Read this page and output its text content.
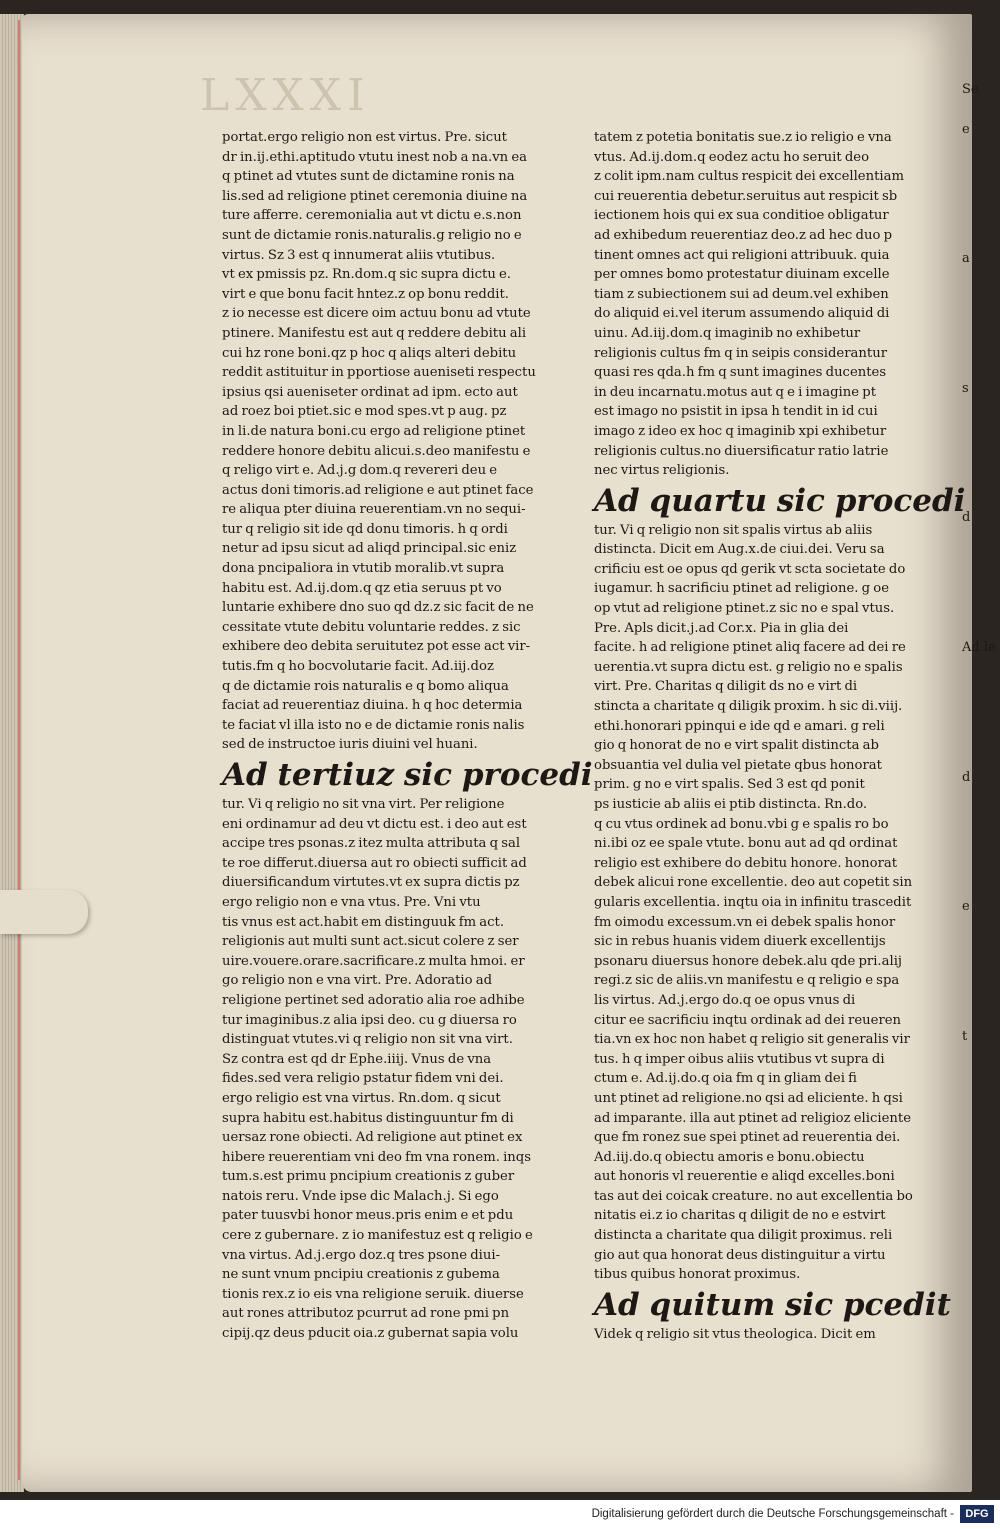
LXXXI

portat.ergo religio non est virtus. Pre. sicut

dr in.ij.ethi.aptitudo vtutu inest nob a na.vn ea

q ptinet ad vtutes sunt de dictamine ronis na

lis.sed ad religione ptinet ceremonia diuine na

ture afferre. ceremonialia aut vt dictu e.s.non

sunt de dictamie ronis.naturalis.g religio no e

virtus. Sz 3 est q innumerat aliis vtutibus.

vt ex pmissis pz. Rn.dom.q sic supra dictu e.

virt e que bonu facit hntez.z op bonu reddit.

z io necesse est dicere oim actuu bonu ad vtute

ptinere. Manifestu est aut q reddere debitu ali

cui hz rone boni.qz p hoc q aliqs alteri debitu

reddit astituitur in pportiose aueniseti respectu

ipsius qsi aueniseter ordinat ad ipm. ecto aut

ad roez boi ptiet.sic e mod spes.vt p aug. pz

in li.de natura boni.cu ergo ad religione ptinet

reddere honore debitu alicui.s.deo manifestu e

q religo virt e. Ad.j.g dom.q revereri deu e

actus doni timoris.ad religione e aut ptinet face

re aliqua pter diuina reuerentiam.vn no sequi-

tur q religio sit ide qd donu timoris. h q ordi

netur ad ipsu sicut ad aliqd principal.sic eniz

dona pncipaliora in vtutib moralib.vt supra

habitu est. Ad.ij.dom.q qz etia seruus pt vo

luntarie exhibere dno suo qd dz.z sic facit de ne

cessitate vtute debitu voluntarie reddes. z sic

exhibere deo debita seruitutez pot esse act vir-

tutis.fm q ho bocvolutarie facit. Ad.iij.doz

q de dictamie rois naturalis e q bomo aliqua

faciat ad reuerentiaz diuina. h q hoc determia

te faciat vl illa isto no e de dictamie ronis nalis

sed de instructoe iuris diuini vel huani.

Ad tertiuz sic procedi

tur. Vi q religio no sit vna virt. Per religione

eni ordinamur ad deu vt dictu est. i deo aut est

accipe tres psonas.z itez multa attributa q sal

te roe differut.diuersa aut ro obiecti sufficit ad

diuersificandum virtutes.vt ex supra dictis pz

ergo religio non e vna vtus. Pre. Vni vtu

tis vnus est act.habit em distinguuk fm act.

religionis aut multi sunt act.sicut colere z ser

uire.vouere.orare.sacrificare.z multa hmoi. er

go religio non e vna virt. Pre. Adoratio ad

religione pertinet sed adoratio alia roe adhibe

tur imaginibus.z alia ipsi deo. cu g diuersa ro

distinguat vtutes.vi q religio non sit vna virt.

Sz contra est qd dr Ephe.iiij. Vnus de vna

fides.sed vera religio pstatur fidem vni dei.

ergo religio est vna virtus. Rn.dom. q sicut

supra habitu est.habitus distinguuntur fm di

uersaz rone obiecti. Ad religione aut ptinet ex

hibere reuerentiam vni deo fm vna ronem. inqs

tum.s.est primu pncipium creationis z guber

natois reru. Vnde ipse dic Malach.j. Si ego

pater tuusvbi honor meus.pris enim e et pdu

cere z gubernare. z io manifestuz est q religio e

vna virtus. Ad.j.ergo doz.q tres psone diui-

ne sunt vnum pncipiu creationis z gubema

tionis rex.z io eis vna religione seruik. diuerse

aut rones attributoz pcurrut ad rone pmi pn

cipij.qz deus pducit oia.z gubernat sapia volu

tatem z potetia bonitatis sue.z io religio e vna

vtus. Ad.ij.dom.q eodez actu ho seruit deo

z colit ipm.nam cultus respicit dei excellentiam

cui reuerentia debetur.seruitus aut respicit sb

iectionem hois qui ex sua conditioe obligatur

ad exhibedum reuerentiaz deo.z ad hec duo p

tinent omnes act qui religioni attribuuk. quia

per omnes bomo protestatur diuinam excelle

tiam z subiectionem sui ad deum.vel exhiben

do aliquid ei.vel iterum assumendo aliquid di

uinu. Ad.iij.dom.q imaginib no exhibetur

religionis cultus fm q in seipis considerantur

quasi res qda.h fm q sunt imagines ducentes

in deu incarnatu.motus aut q e i imagine pt

est imago no psistit in ipsa h tendit in id cui

imago z ideo ex hoc q imaginib xpi exhibetur

religionis cultus.no diuersificatur ratio latrie

nec virtus religionis.

Ad quartu sic procedi

tur. Vi q religio non sit spalis virtus ab aliis

distincta. Dicit em Aug.x.de ciui.dei. Veru sa

crificiu est oe opus qd gerik vt scta societate do

iugamur. h sacrificiu ptinet ad religione. g oe

op vtut ad religione ptinet.z sic no e spal vtus.

Pre. Apls dicit.j.ad Cor.x. Pia in glia dei

facite. h ad religione ptinet aliq facere ad dei re

uerentia.vt supra dictu est. g religio no e spalis

virt. Pre. Charitas q diligit ds no e virt di

stincta a charitate q diligik proxim. h sic di.viij.

ethi.honorari ppinqui e ide qd e amari. g reli

gio q honorat de no e virt spalit distincta ab

obsuantia vel dulia vel pietate qbus honorat

prim. g no e virt spalis. Sed 3 est qd ponit

ps iusticie ab aliis ei ptib distincta. Rn.do.

q cu vtus ordinek ad bonu.vbi g e spalis ro bo

ni.ibi oz ee spale vtute. bonu aut ad qd ordinat

religio est exhibere do debitu honore. honorat

debek alicui rone excellentie. deo aut copetit sin

gularis excellentia. inqtu oia in infinitu trascedit

fm oimodu excessum.vn ei debek spalis honor

sic in rebus huanis videm diuerk excellentijs

psonaru diuersus honore debek.alu qde pri.alij

regi.z sic de aliis.vn manifestu e q religio e spa

lis virtus. Ad.j.ergo do.q oe opus vnus di

citur ee sacrificiu inqtu ordinak ad dei reueren

tia.vn ex hoc non habet q religio sit generalis vir

tus. h q imper oibus aliis vtutibus vt supra di

ctum e. Ad.ij.do.q oia fm q in gliam dei fi

unt ptinet ad religione.no qsi ad eliciente. h qsi

ad imparante. illa aut ptinet ad religioz eliciente

que fm ronez sue spei ptinet ad reuerentia dei.

Ad.iij.do.q obiectu amoris e bonu.obiectu

aut honoris vl reuerentie e aliqd excelles.boni

tas aut dei coicak creature. no aut excellentia bo

nitatis ei.z io charitas q diligit de no e estvirt

distincta a charitate qua diligit proximus. reli

gio aut qua honorat deus distinguitur a virtu

tibus quibus honorat proximus.

Ad quitum sic pcedit

Videk q religio sit vtus theologica. Dicit em

Se
e
a
s
d
Ad le
d
e
t
Digitalisierung gefördert durch die Deutsche Forschungsgemeinschaft -	DFG
